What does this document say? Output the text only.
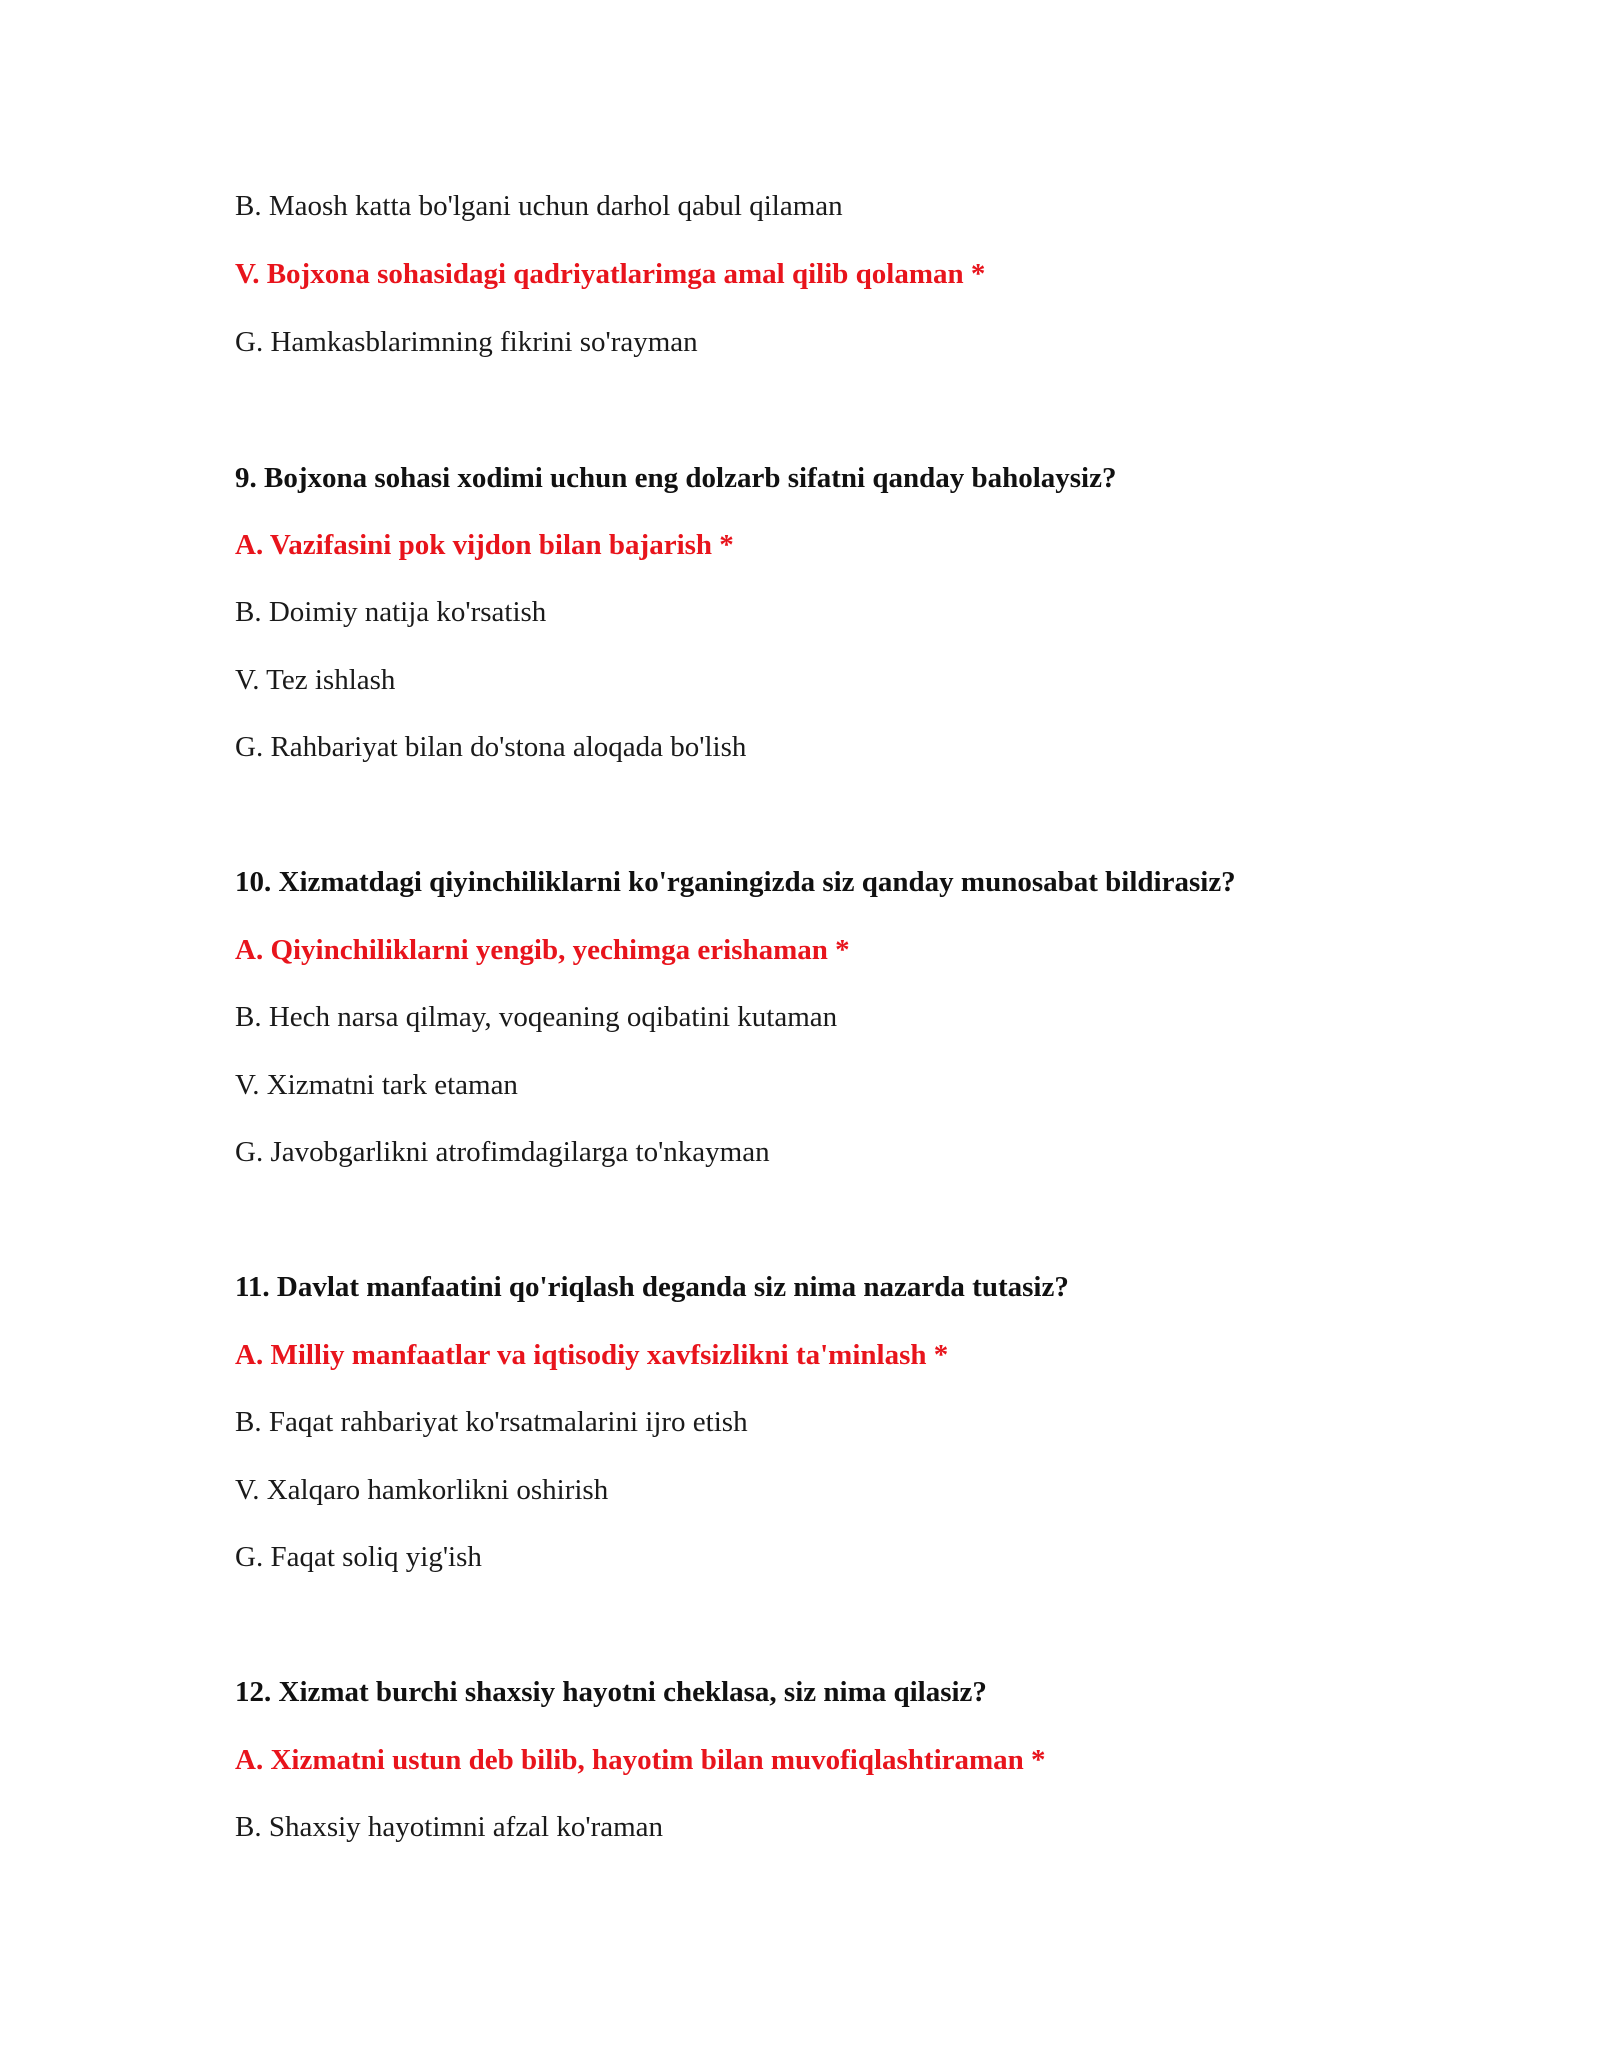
B. Maosh katta bo'lgani uchun darhol qabul qilaman
V. Bojxona sohasidagi qadriyatlarimga amal qilib qolaman *
G. Hamkasblarimning fikrini so'rayman
9. Bojxona sohasi xodimi uchun eng dolzarb sifatni qanday baholaysiz?
A. Vazifasini pok vijdon bilan bajarish *
B. Doimiy natija ko'rsatish
V. Tez ishlash
G. Rahbariyat bilan do'stona aloqada bo'lish
10. Xizmatdagi qiyinchiliklarni ko'rganingizda siz qanday munosabat bildirasiz?
A. Qiyinchiliklarni yengib, yechimga erishaman *
B. Hech narsa qilmay, voqeaning oqibatini kutaman
V. Xizmatni tark etaman
G. Javobgarlikni atrofimdagilarga to'nkayman
11. Davlat manfaatini qo'riqlash deganda siz nima nazarda tutasiz?
A. Milliy manfaatlar va iqtisodiy xavfsizlikni ta'minlash *
B. Faqat rahbariyat ko'rsatmalarini ijro etish
V. Xalqaro hamkorlikni oshirish
G. Faqat soliq yig'ish
12. Xizmat burchi shaxsiy hayotni cheklasa, siz nima qilasiz?
A. Xizmatni ustun deb bilib, hayotim bilan muvofiqlashtiraman *
B. Shaxsiy hayotimni afzal ko'raman
